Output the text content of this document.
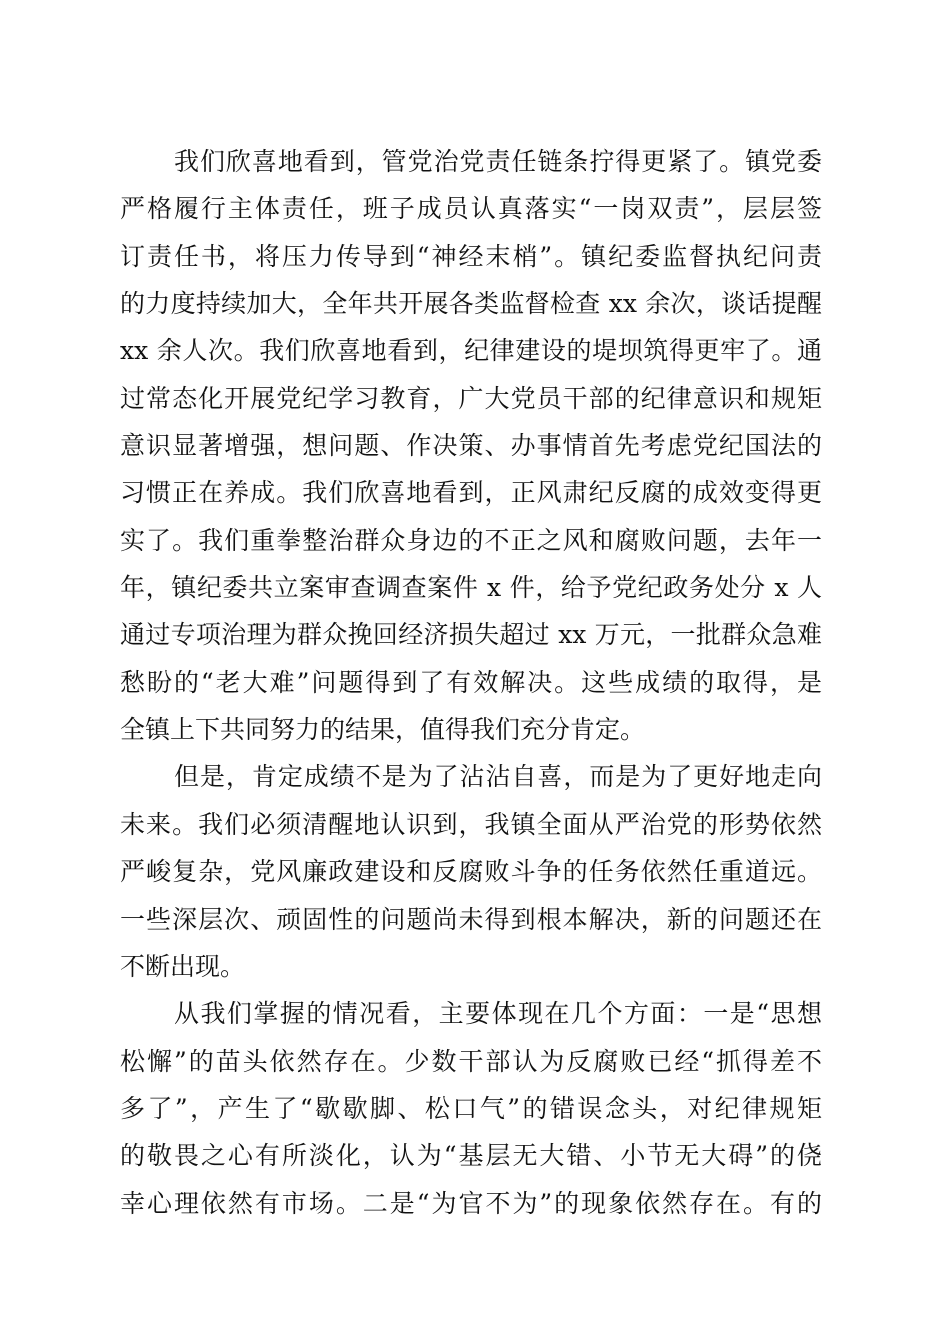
我们欣喜地看到，管党治党责任链条拧得更紧了。镇党委
严格履行主体责任，班子成员认真落实“一岗双责”，层层签
订责任书，将压力传导到“神经末梢”。镇纪委监督执纪问责
的力度持续加大，全年共开展各类监督检查 xx 余次，谈话提醒
xx 余人次。我们欣喜地看到，纪律建设的堤坝筑得更牢了。通
过常态化开展党纪学习教育，广大党员干部的纪律意识和规矩
意识显著增强，想问题、作决策、办事情首先考虑党纪国法的
习惯正在养成。我们欣喜地看到，正风肃纪反腐的成效变得更
实了。我们重拳整治群众身边的不正之风和腐败问题，去年一
年，镇纪委共立案审查调查案件 x 件，给予党纪政务处分 x 人
通过专项治理为群众挽回经济损失超过 xx 万元，一批群众急难
愁盼的“老大难”问题得到了有效解决。这些成绩的取得，是
全镇上下共同努力的结果，值得我们充分肯定。
但是，肯定成绩不是为了沾沾自喜，而是为了更好地走向
未来。我们必须清醒地认识到，我镇全面从严治党的形势依然
严峻复杂，党风廉政建设和反腐败斗争的任务依然任重道远。
一些深层次、顽固性的问题尚未得到根本解决，新的问题还在
不断出现。
从我们掌握的情况看，主要体现在几个方面：一是“思想
松懈”的苗头依然存在。少数干部认为反腐败已经“抓得差不
多了”，产生了“歇歇脚、松口气”的错误念头，对纪律规矩
的敬畏之心有所淡化，认为“基层无大错、小节无大碍”的侥
幸心理依然有市场。二是“为官不为”的现象依然存在。有的
